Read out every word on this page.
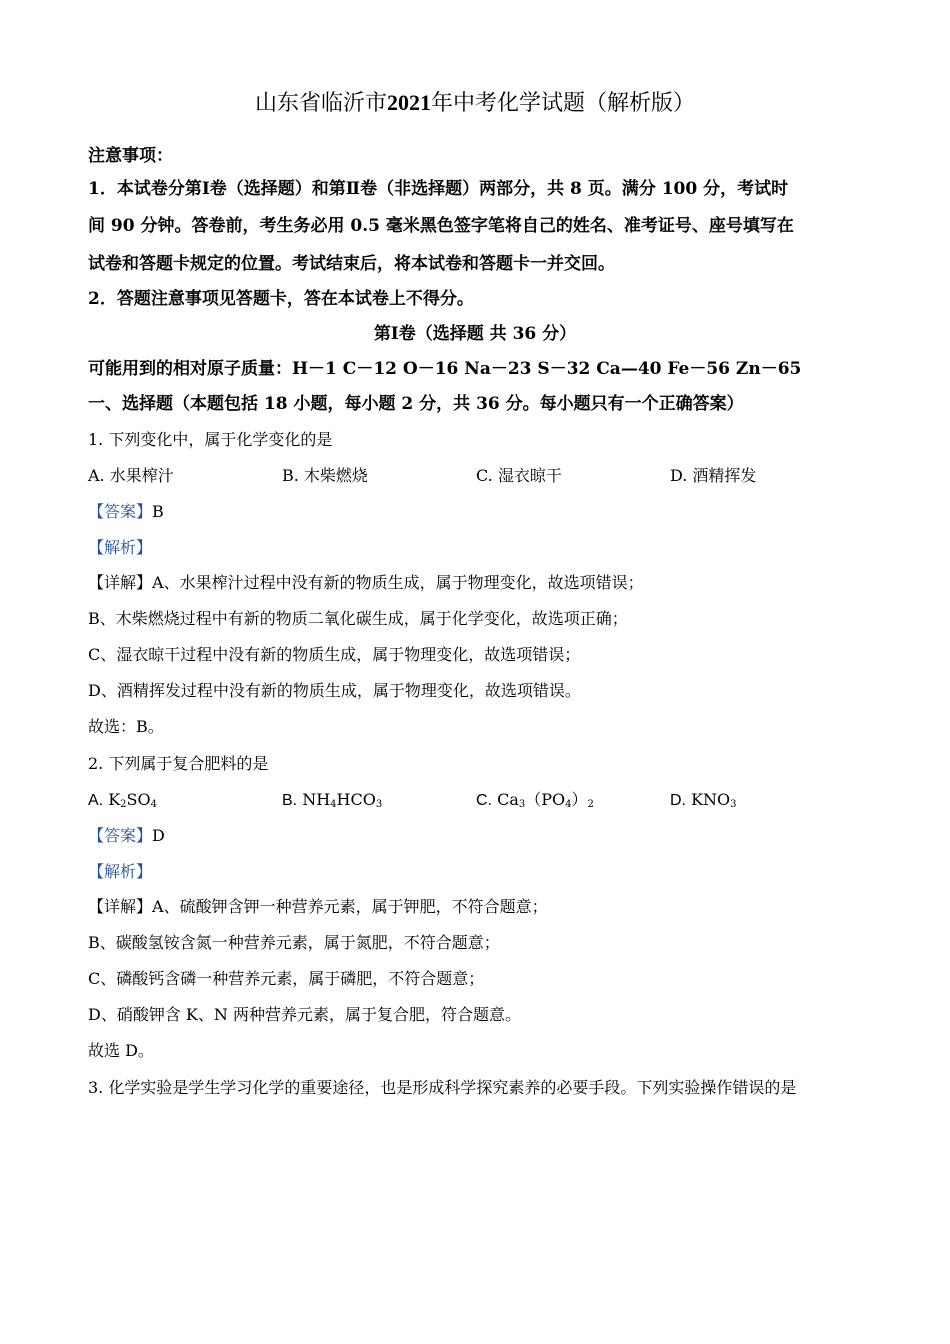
山东省临沂市2021年中考化学试题（解析版）
注意事项：
1．本试卷分第Ⅰ卷（选择题）和第Ⅱ卷（非选择题）两部分，共 8 页。满分 100 分，考试时
间 90 分钟。答卷前，考生务必用 0.5 毫米黑色签字笔将自己的姓名、准考证号、座号填写在
试卷和答题卡规定的位置。考试结束后，将本试卷和答题卡一并交回。
2．答题注意事项见答题卡，答在本试卷上不得分。
第Ⅰ卷（选择题 共 36 分）
可能用到的相对原子质量：H－1 C－12 O－16 Na－23 S－32 Ca—40 Fe－56 Zn－65
一、选择题（本题包括 18 小题，每小题 2 分，共 36 分。每小题只有一个正确答案）
1. 下列变化中，属于化学变化的是
A. 水果榨汁	B. 木柴燃烧	C. 湿衣晾干	D. 酒精挥发
【答案】B
【解析】
【详解】A、水果榨汁过程中没有新的物质生成，属于物理变化，故选项错误；
B、木柴燃烧过程中有新的物质二氧化碳生成，属于化学变化，故选项正确；
C、湿衣晾干过程中没有新的物质生成，属于物理变化，故选项错误；
D、酒精挥发过程中没有新的物质生成，属于物理变化，故选项错误。
故选：B。
2. 下列属于复合肥料的是
A. $K_2SO_4$	B. $NH_4HCO_3$	C. $Ca_3(PO_4)_2$	D. $KNO_3$
【答案】D
【解析】
【详解】A、硫酸钾含钾一种营养元素，属于钾肥，不符合题意；
B、碳酸氢铵含氮一种营养元素，属于氮肥，不符合题意；
C、磷酸钙含磷一种营养元素，属于磷肥，不符合题意；
D、硝酸钾含 K、N 两种营养元素，属于复合肥，符合题意。
故选 D。
3. 化学实验是学生学习化学的重要途径，也是形成科学探究素养的必要手段。下列实验操作错误的是
